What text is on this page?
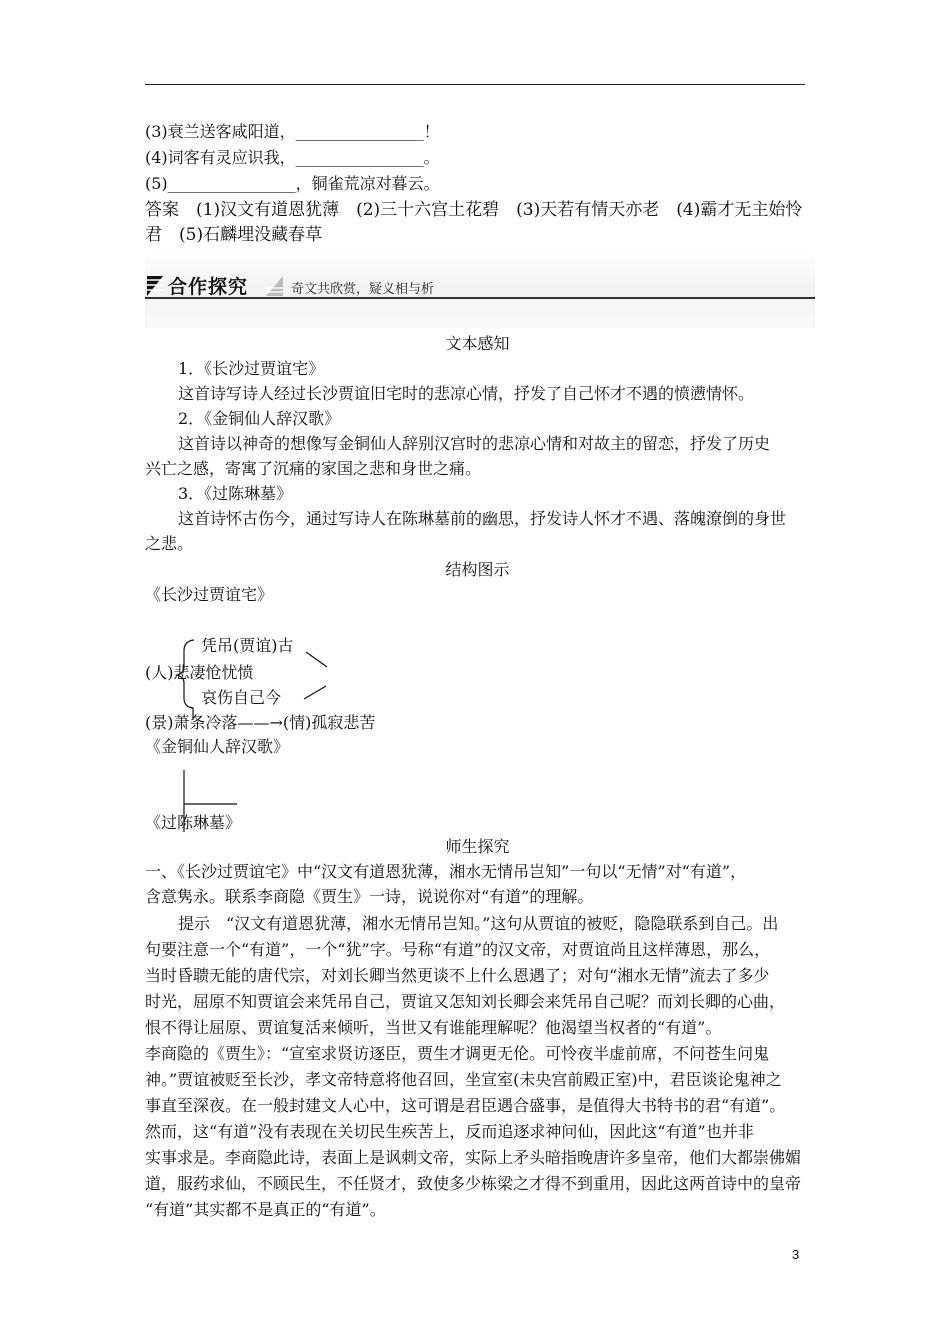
(3)衰兰送客咸阳道，________________！
(4)词客有灵应识我，________________。
(5)________________，铜雀荒凉对暮云。
答案　(1)汉文有道恩犹薄　(2)三十六宫土花碧　(3)天若有情天亦老　(4)霸才无主始怜
君　(5)石麟埋没藏春草
合作探究	奇文共欣赏，疑义相与析
文本感知
1．《长沙过贾谊宅》
这首诗写诗人经过长沙贾谊旧宅时的悲凉心情，抒发了自己怀才不遇的愤懑情怀。
2．《金铜仙人辞汉歌》
这首诗以神奇的想像写金铜仙人辞别汉宫时的悲凉心情和对故主的留恋，抒发了历史
兴亡之感，寄寓了沉痛的家国之悲和身世之痛。
3．《过陈琳墓》
这首诗怀古伤今，通过写诗人在陈琳墓前的幽思，抒发诗人怀才不遇、落魄潦倒的身世
之悲。
结构图示
《长沙过贾谊宅》
凭吊(贾谊)古
(人)悲凄怆忧愤
哀伤自己今
(景)萧条冷落——→(情)孤寂悲苦
《金铜仙人辞汉歌》
《过陈琳墓》
师生探究
一、《长沙过贾谊宅》中“汉文有道恩犹薄，湘水无情吊岂知”一句以“无情”对“有道”，
含意隽永。联系李商隐《贾生》一诗，说说你对“有道”的理解。
提示　“汉文有道恩犹薄，湘水无情吊岂知。”这句从贾谊的被贬，隐隐联系到自己。出
句要注意一个“有道”，一个“犹”字。号称“有道”的汉文帝，对贾谊尚且这样薄恩，那么，
当时昏聩无能的唐代宗，对刘长卿当然更谈不上什么恩遇了；对句“湘水无情”流去了多少
时光，屈原不知贾谊会来凭吊自己，贾谊又怎知刘长卿会来凭吊自己呢？而刘长卿的心曲，
恨不得让屈原、贾谊复活来倾听，当世又有谁能理解呢？他渴望当权者的“有道”。
李商隐的《贾生》：“宣室求贤访逐臣，贾生才调更无伦。可怜夜半虚前席，不问苍生问鬼
神。”贾谊被贬至长沙，孝文帝特意将他召回，坐宣室(未央宫前殿正室)中，君臣谈论鬼神之
事直至深夜。在一般封建文人心中，这可谓是君臣遇合盛事，是值得大书特书的君“有道”。
然而，这“有道”没有表现在关切民生疾苦上，反而追逐求神问仙，因此这“有道”也并非
实事求是。李商隐此诗，表面上是讽刺文帝，实际上矛头暗指晚唐许多皇帝，他们大都崇佛媚
道，服药求仙，不顾民生，不任贤才，致使多少栋梁之才得不到重用，因此这两首诗中的皇帝
“有道”其实都不是真正的“有道”。
3
